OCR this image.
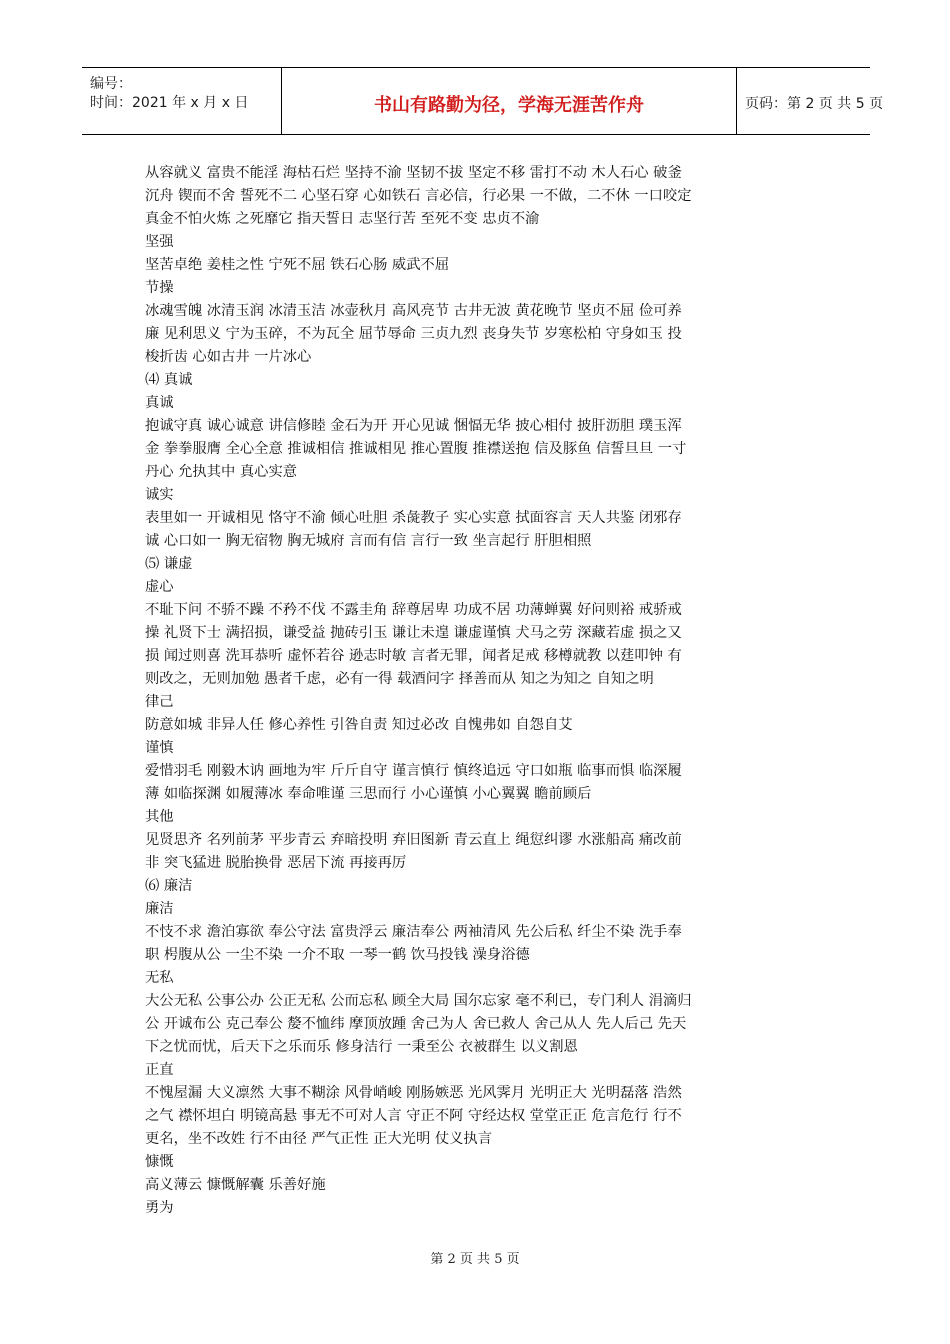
编号：
时间：2021 年 x 月 x 日	书山有路勤为径，学海无涯苦作舟	页码：第 2 页 共 5 页
从容就义 富贵不能淫 海枯石烂 坚持不渝 坚韧不拔 坚定不移 雷打不动 木人石心 破釜
沉舟 锲而不舍 誓死不二 心坚石穿 心如铁石 言必信，行必果 一不做，二不休 一口咬定
真金不怕火炼 之死靡它 指天誓日 志坚行苦 至死不变 忠贞不渝
坚强
坚苦卓绝 姜桂之性 宁死不屈 铁石心肠 威武不屈
节操
冰魂雪魄 冰清玉润 冰清玉洁 冰壶秋月 高风亮节 古井无波 黄花晚节 坚贞不屈 俭可养
廉 见利思义 宁为玉碎，不为瓦全 屈节辱命 三贞九烈 丧身失节 岁寒松柏 守身如玉 投
梭折齿 心如古井 一片冰心
⑷ 真诚
真诚
抱诚守真 诚心诚意 讲信修睦 金石为开 开心见诚 悃愊无华 披心相付 披肝沥胆 璞玉浑
金 拳拳服膺 全心全意 推诚相信 推诚相见 推心置腹 推襟送抱 信及豚鱼 信誓旦旦 一寸
丹心 允执其中 真心实意
诚实
表里如一 开诚相见 恪守不渝 倾心吐胆 杀彘教子 实心实意 拭面容言 天人共鉴 闭邪存
诚 心口如一 胸无宿物 胸无城府 言而有信 言行一致 坐言起行 肝胆相照
⑸ 谦虚
虚心
不耻下问 不骄不躁 不矜不伐 不露圭角 辞尊居卑 功成不居 功薄蝉翼 好问则裕 戒骄戒
操 礼贤下士 满招损，谦受益 抛砖引玉 谦让未遑 谦虚谨慎 犬马之劳 深藏若虚 损之又
损 闻过则喜 洗耳恭听 虚怀若谷 逊志时敏 言者无罪，闻者足戒 移樽就教 以莛叩钟 有
则改之，无则加勉 愚者千虑，必有一得 载酒问字 择善而从 知之为知之 自知之明
律己
防意如城 非异人任 修心养性 引咎自责 知过必改 自愧弗如 自怨自艾
谨慎
爱惜羽毛 刚毅木讷 画地为牢 斤斤自守 谨言慎行 慎终追远 守口如瓶 临事而惧 临深履
薄 如临探渊 如履薄冰 奉命唯谨 三思而行 小心谨慎 小心翼翼 瞻前顾后
其他
见贤思齐 名列前茅 平步青云 弃暗投明 弃旧图新 青云直上 绳愆纠谬 水涨船高 痛改前
非 突飞猛进 脱胎换骨 恶居下流 再接再厉
⑹ 廉洁
廉洁
不忮不求 澹泊寡欲 奉公守法 富贵浮云 廉洁奉公 两袖清风 先公后私 纤尘不染 洗手奉
职 枵腹从公 一尘不染 一介不取 一琴一鹤 饮马投钱 澡身浴德
无私
大公无私 公事公办 公正无私 公而忘私 顾全大局 国尔忘家 毫不利已，专门利人 涓滴归
公 开诚布公 克己奉公 嫠不恤纬 摩顶放踵 舍己为人 舍已救人 舍己从人 先人后己 先天
下之忧而忧，后天下之乐而乐 修身洁行 一秉至公 衣被群生 以义割恩
正直
不愧屋漏 大义凛然 大事不糊涂 风骨峭峻 刚肠嫉恶 光风霁月 光明正大 光明磊落 浩然
之气 襟怀坦白 明镜高悬 事无不可对人言 守正不阿 守经达权 堂堂正正 危言危行 行不
更名，坐不改姓 行不由径 严气正性 正大光明 仗义执言
慷慨
高义薄云 慷慨解囊 乐善好施
勇为
第 2 页 共 5 页
